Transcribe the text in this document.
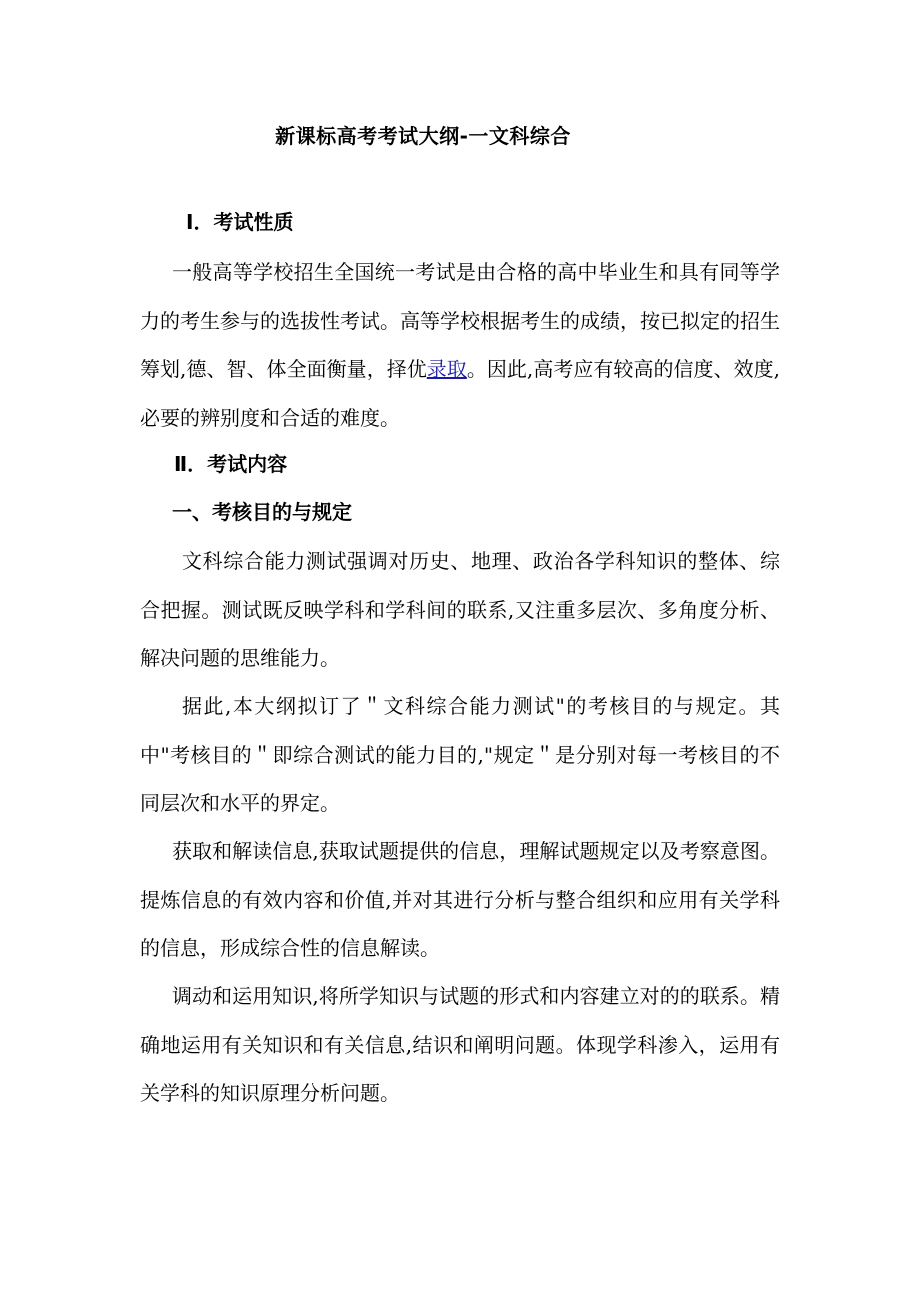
新课标高考考试大纲-一文科综合
Ⅰ．考试性质

一般高等学校招生全国统一考试是由合格的高中毕业生和具有同等学力的考生参与的选拔性考试。高等学校根据考生的成绩，按已拟定的招生筹划,德、智、体全面衡量，择优录取。因此,高考应有较高的信度、效度,必要的辨别度和合适的难度。

Ⅱ．考试内容
一、考核目的与规定

文科综合能力测试强调对历史、地理、政治各学科知识的整体、综合把握。测试既反映学科和学科间的联系,又注重多层次、多角度分析、解决问题的思维能力。

据此,本大纲拟订了＂文科综合能力测试"的考核目的与规定。其中"考核目的＂即综合测试的能力目的,"规定＂是分别对每一考核目的不同层次和水平的界定。

获取和解读信息,获取试题提供的信息，理解试题规定以及考察意图。提炼信息的有效内容和价值,并对其进行分析与整合组织和应用有关学科的信息，形成综合性的信息解读。

调动和运用知识,将所学知识与试题的形式和内容建立对的的联系。精确地运用有关知识和有关信息,结识和阐明问题。体现学科渗入，运用有关学科的知识原理分析问题。
